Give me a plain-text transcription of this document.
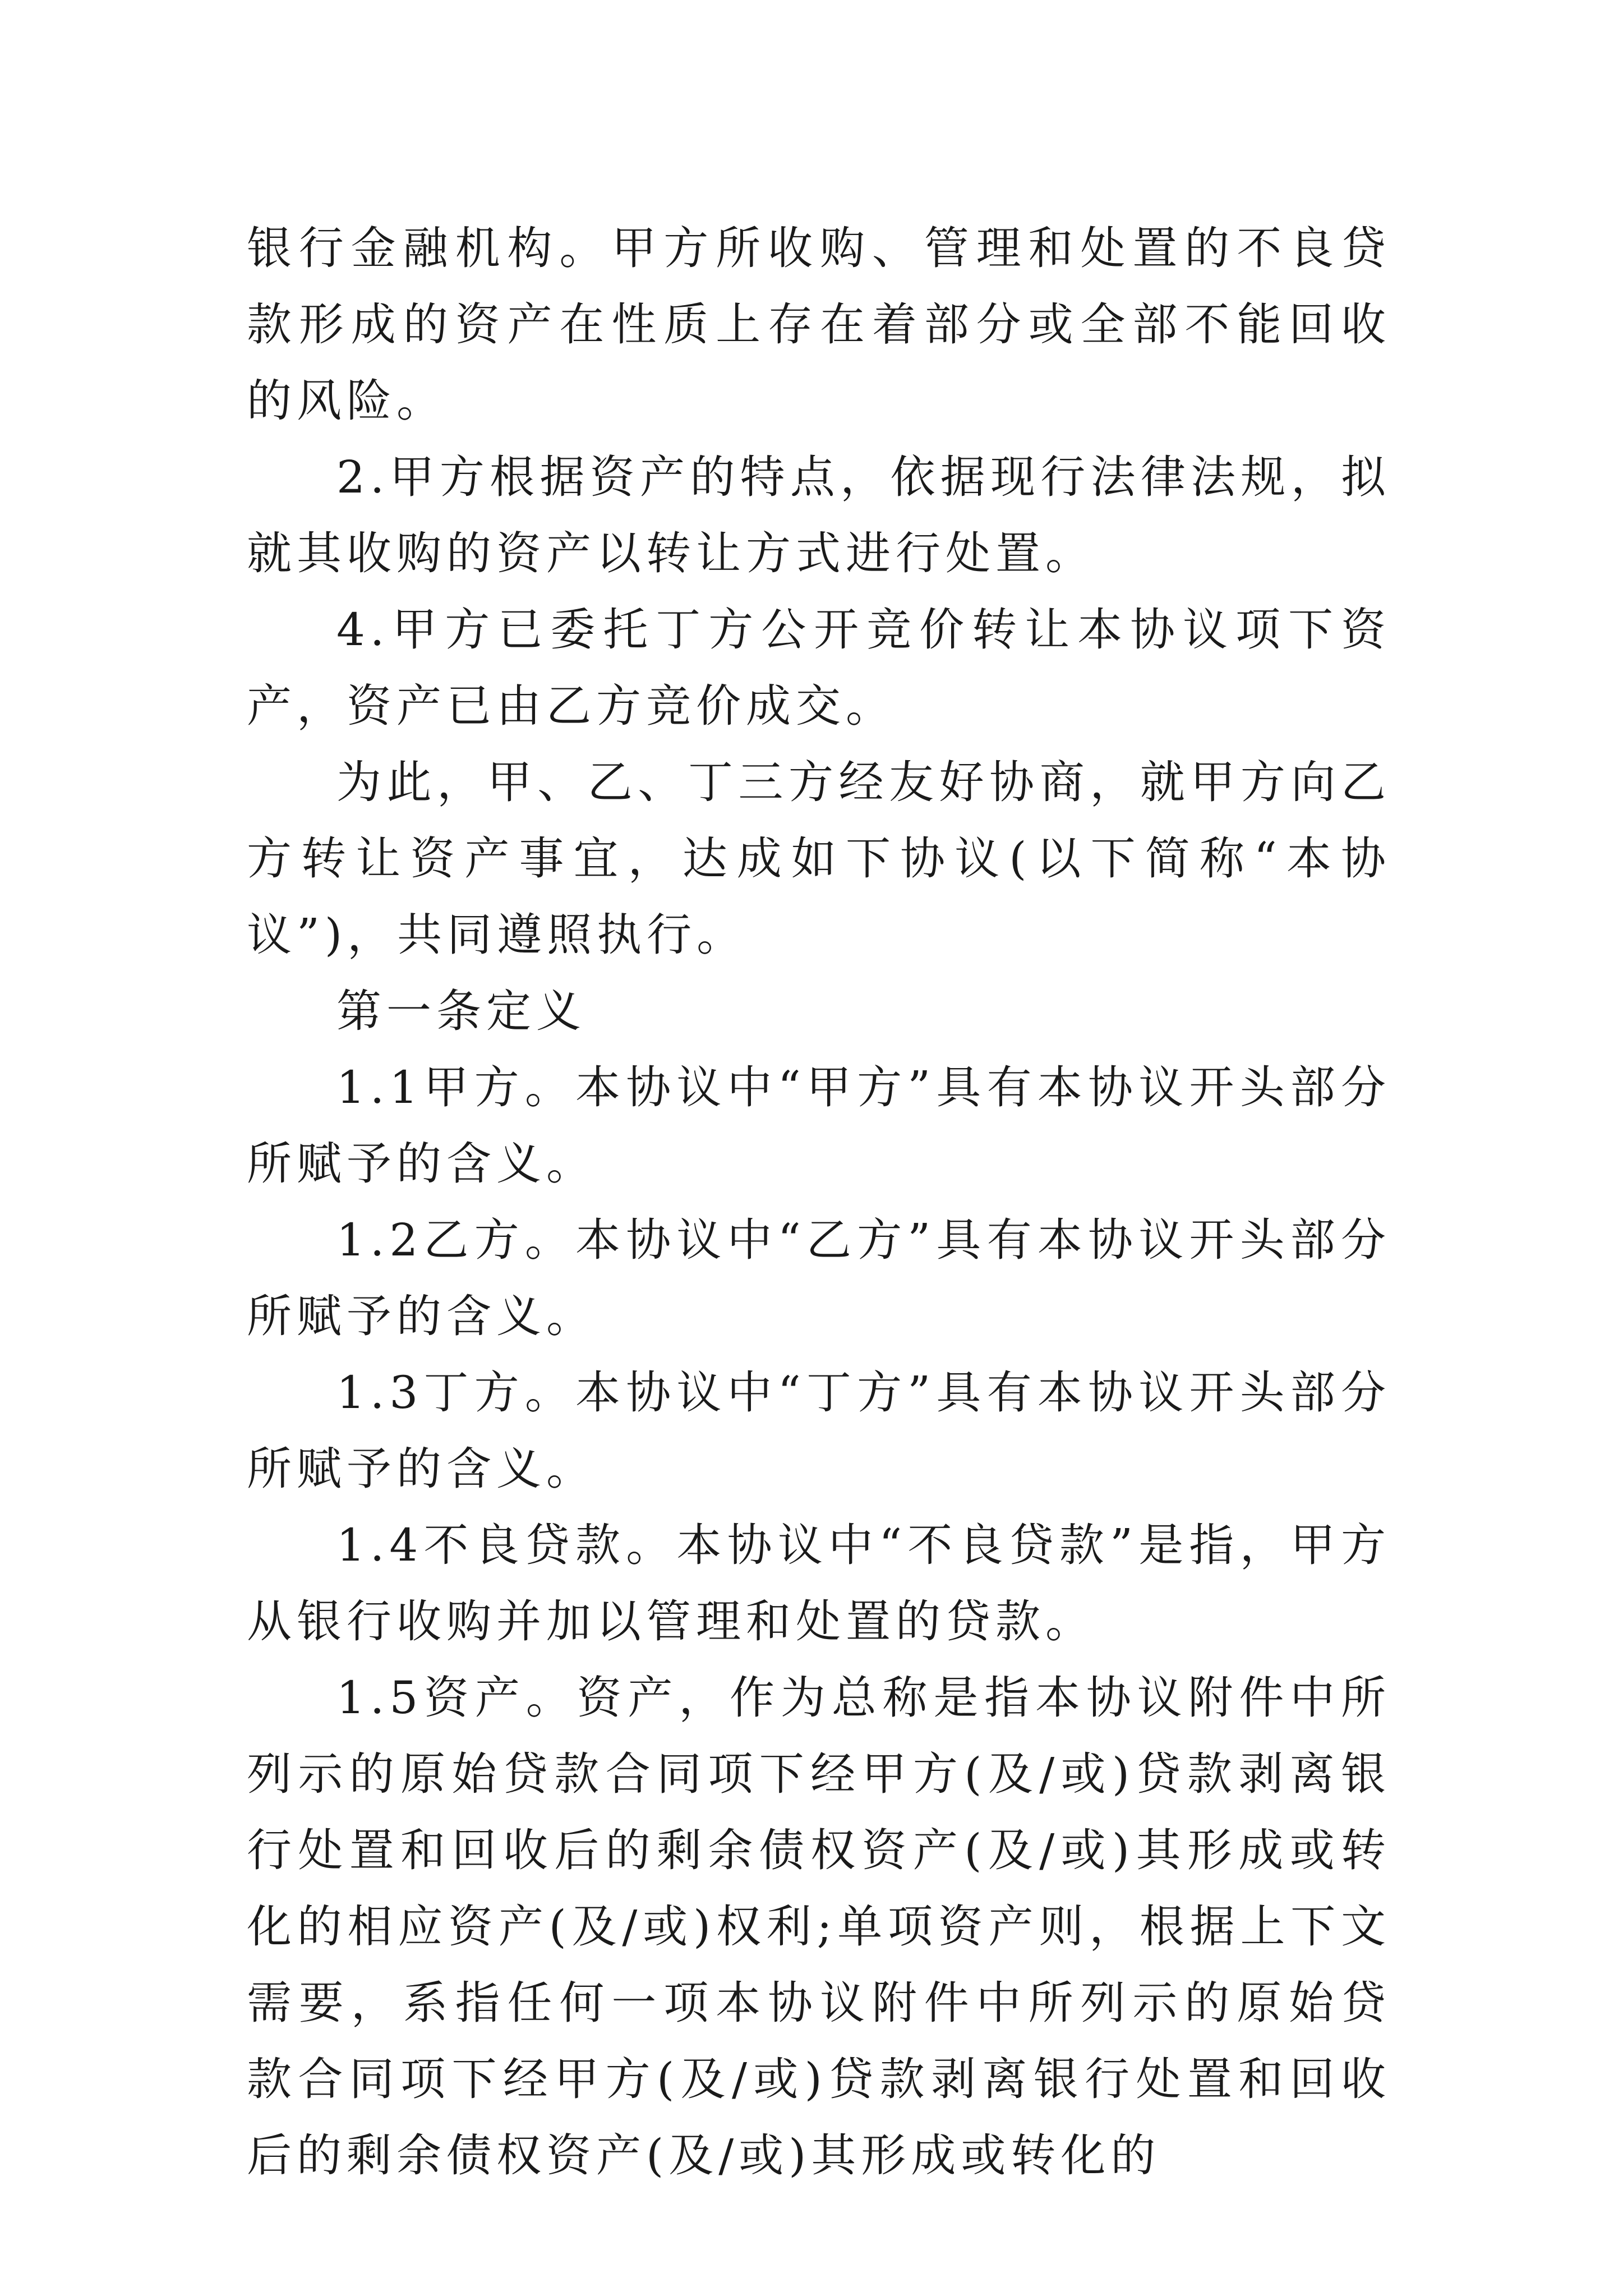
银行金融机构。甲方所收购、管理和处置的不良贷款形成的资产在性质上存在着部分或全部不能回收的风险。

2.甲方根据资产的特点，依据现行法律法规，拟就其收购的资产以转让方式进行处置。

4.甲方已委托丁方公开竞价转让本协议项下资产，资产已由乙方竞价成交。

为此，甲、乙、丁三方经友好协商，就甲方向乙方转让资产事宜，达成如下协议(以下简称“本协议”)，共同遵照执行。

第一条定义

1.1甲方。本协议中“甲方”具有本协议开头部分所赋予的含义。

1.2乙方。本协议中“乙方”具有本协议开头部分所赋予的含义。

1.3丁方。本协议中“丁方”具有本协议开头部分所赋予的含义。

1.4不良贷款。本协议中“不良贷款”是指，甲方从银行收购并加以管理和处置的贷款。

1.5资产。资产，作为总称是指本协议附件中所列示的原始贷款合同项下经甲方(及/或)贷款剥离银行处置和回收后的剩余债权资产(及/或)其形成或转化的相应资产(及/或)权利;单项资产则，根据上下文需要，系指任何一项本协议附件中所列示的原始贷款合同项下经甲方(及/或)贷款剥离银行处置和回收后的剩余债权资产(及/或)其形成或转化的
